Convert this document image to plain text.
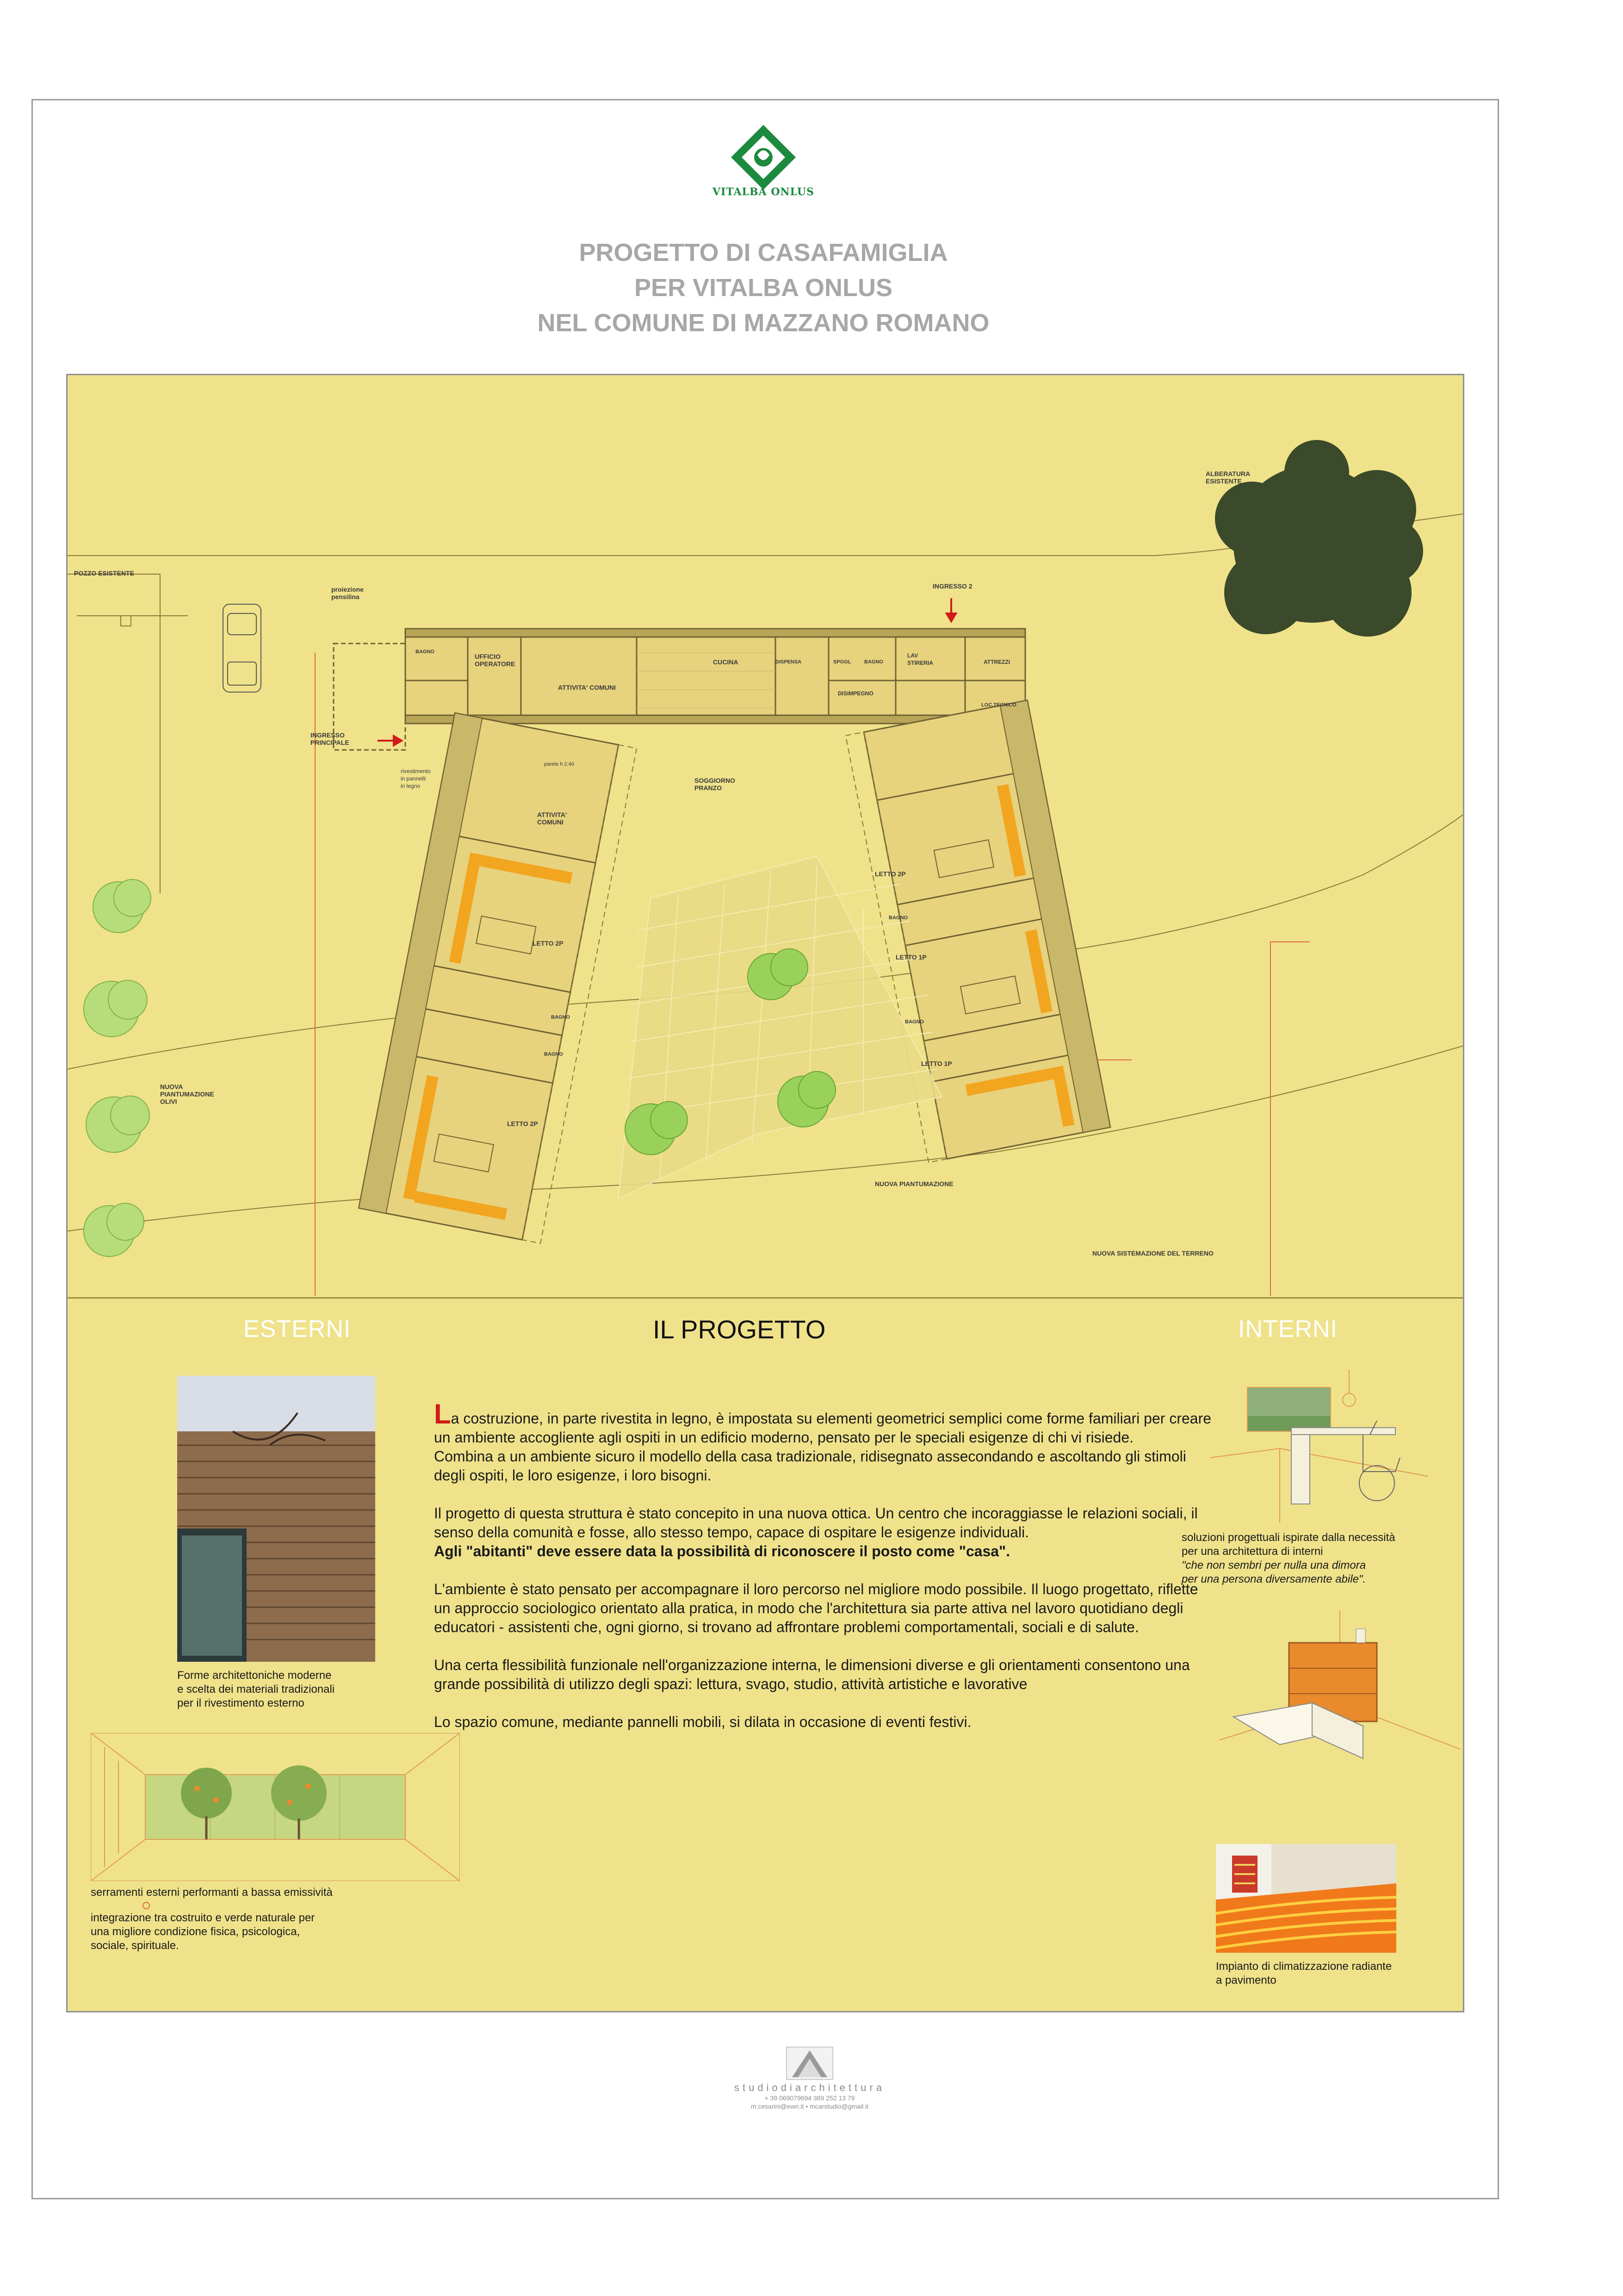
VITALBA ONLUS
PROGETTO DI CASAFAMIGLIA
PER VITALBA ONLUS
NEL COMUNE DI MAZZANO ROMANO
POZZO ESISTENTE
proiezione
pensilina
INGRESSO 2
INGRESSO
PRINCIPALE
ALBERATURA
ESISTENTE
BAGNO
UFFICIO
OPERATORE
ATTIVITA' COMUNI
CUCINA	DISPENSA	SPOGL	BAGNO
LAV
STIRERIA
DISIMPEGNO
ATTREZZI
LOC.TECNICO
rivestimento
in pannelli
in legno
parete h 2.40
ATTIVITA'
COMUNI
SOGGIORNO
PRANZO
LETTO 2P
LETTO 2P
BAGNO
BAGNO
LETTO 2P
LETTO 1P
LETTO 1P
BAGNO
BAGNO
NUOVA
PIANTUMAZIONE
OLIVI
NUOVA PIANTUMAZIONE
NUOVA SISTEMAZIONE DEL TERRENO
ESTERNI	IL PROGETTO	INTERNI
Forme architettoniche moderne
e scelta dei materiali tradizionali
per il rivestimento esterno
serramenti esterni performanti a bassa emissività
integrazione tra costruito e verde naturale per
una migliore condizione fisica, psicologica,
sociale, spirituale.

La costruzione, in parte rivestita in legno, è impostata su elementi geometrici semplici come forme familiari per creare un ambiente accogliente agli ospiti in un edificio moderno, pensato per le speciali esigenze di chi vi risiede.
Combina a un ambiente sicuro il modello della casa tradizionale, ridisegnato assecondando e ascoltando gli stimoli degli ospiti, le loro esigenze, i loro bisogni.

Il progetto di questa struttura è stato concepito in una nuova ottica. Un centro che incoraggiasse le relazioni sociali, il senso della comunità e fosse, allo stesso tempo, capace di ospitare le esigenze individuali.
Agli "abitanti" deve essere data la possibilità di riconoscere il posto come "casa".

L'ambiente è stato pensato per accompagnare il loro percorso nel migliore modo possibile. Il luogo progettato, riflette un approccio sociologico orientato alla pratica, in modo che l'architettura sia parte attiva nel lavoro quotidiano degli educatori - assistenti che, ogni giorno, si trovano ad affrontare problemi comportamentali, sociali e di salute.

Una certa flessibilità funzionale nell'organizzazione interna, le dimensioni diverse e gli orientamenti consentono una grande possibilità di utilizzo degli spazi: lettura, svago, studio, attività artistiche e lavorative

Lo spazio comune, mediante pannelli mobili, si dilata in occasione di eventi festivi.

soluzioni progettuali ispirate dalla necessità
per una architettura di interni
"che non sembri per nulla una dimora
per una persona diversamente abile".
Impianto di climatizzazione radiante
a pavimento
studiodiarchitettura
+ 39 069079694 389 252 13 79
m.cesarini@ewn.it • mcarstudio@gmail.it
